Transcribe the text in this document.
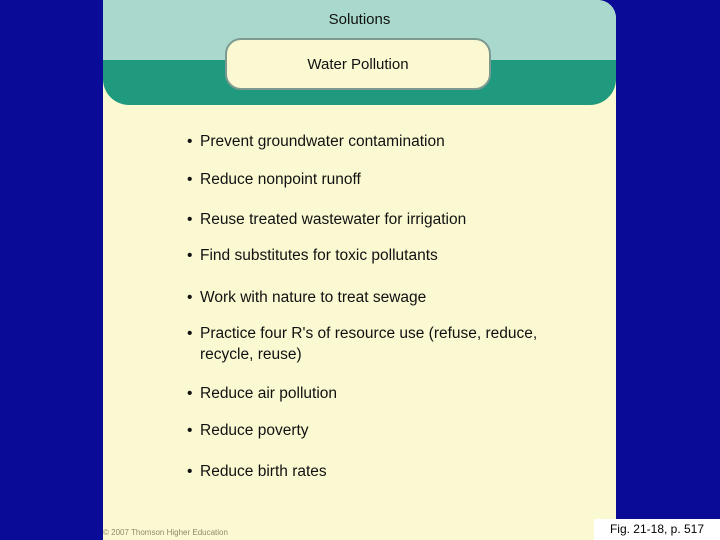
Solutions
Water Pollution
• Prevent groundwater contamination
• Reduce nonpoint runoff
• Reuse treated wastewater for irrigation
• Find substitutes for toxic pollutants
• Work with nature to treat sewage
• Practice four R's of resource use (refuse, reduce, recycle, reuse)
• Reduce air pollution
• Reduce poverty
• Reduce birth rates
© 2007 Thomson Higher Education	Fig. 21-18, p. 517
